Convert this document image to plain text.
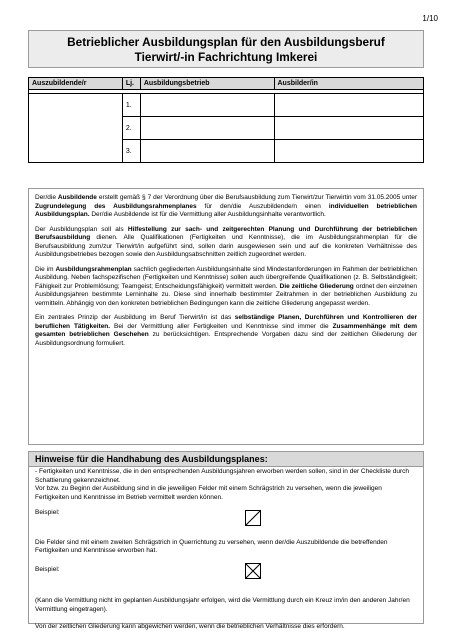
1/10
Betrieblicher Ausbildungsplan für den Ausbildungsberuf
Tierwirt/-in Fachrichtung Imkerei
Auszubildende/r	Lj.	Ausbildungsbetrieb	Ausbilder/in

	1.		
	2.		
	3.		

Der/die Ausbildende erstellt gemäß § 7 der Verordnung über die Berufsausbildung zum Tierwirt/zur Tierwirtin vom 31.05.2005 unter Zugrundelegung des Ausbildungsrahmenplanes für den/die Auszubildende/n einen individuellen betrieblichen Ausbildungsplan. Der/die Ausbildende ist für die Vermittlung aller Ausbildungsinhalte verantwortlich.

Der Ausbildungsplan soll als Hilfestellung zur sach- und zeitgerechten Planung und Durchführung der betrieblichen Berufsausbildung dienen. Alle Qualifikationen (Fertigkeiten und Kenntnisse), die im Ausbildungsrahmenplan für die Berufsausbildung zum/zur Tierwirt/in aufgeführt sind, sollen darin ausgewiesen sein und auf die konkreten Verhältnisse des Ausbildungsbetriebes bezogen sowie den Ausbildungsabschnitten zeitlich zugeordnet werden.

Die im Ausbildungsrahmenplan sachlich gegliederten Ausbildungsinhalte sind Mindestanforderungen im Rahmen der betrieblichen Ausbildung. Neben fachspezifischen (Fertigkeiten und Kenntnisse) sollen auch übergreifende Qualifikationen (z. B. Selbständigkeit; Fähigkeit zur Problemlösung; Teamgeist; Entscheidungsfähigkeit) vermittelt werden. Die zeitliche Gliederung ordnet den einzelnen Ausbildungsjahren bestimmte Lerninhalte zu. Diese sind innerhalb bestimmter Zeitrahmen in der betrieblichen Ausbildung zu vermitteln. Abhängig von den konkreten betrieblichen Bedingungen kann die zeitliche Gliederung angepasst werden.

Ein zentrales Prinzip der Ausbildung im Beruf Tierwirt/in ist das selbständige Planen, Durchführen und Kontrollieren der beruflichen Tätigkeiten. Bei der Vermittlung aller Fertigkeiten und Kenntnisse sind immer die Zusammenhänge mit dem gesamten betrieblichen Geschehen zu berücksichtigen. Entsprechende Vorgaben dazu sind der zeitlichen Gliederung der Ausbildungsordnung formuliert.

Hinweise für die Handhabung des Ausbildungsplanes:

- Fertigkeiten und Kenntnisse, die in den entsprechenden Ausbildungsjahren erworben werden sollen, sind in der Checkliste durch Schattierung gekennzeichnet.

Vor bzw. zu Beginn der Ausbildung sind in die jeweiligen Felder mit einem Schrägstrich zu versehen, wenn die jeweiligen Fertigkeiten und Kenntnisse im Betrieb vermittelt werden können.

Beispiel:

Die Felder sind mit einem zweiten Schrägstrich in Querrichtung zu versehen, wenn der/die Auszubildende die betreffenden Fertigkeiten und Kenntnisse erworben hat.

Beispiel:

(Kann die Vermittlung nicht im geplanten Ausbildungsjahr erfolgen, wird die Vermittlung durch ein Kreuz im/in den anderen Jahr/en Vermittlung eingetragen).

Von der zeitlichen Gliederung kann abgewichen werden, wenn die betrieblichen Verhältnisse dies erfordern.
